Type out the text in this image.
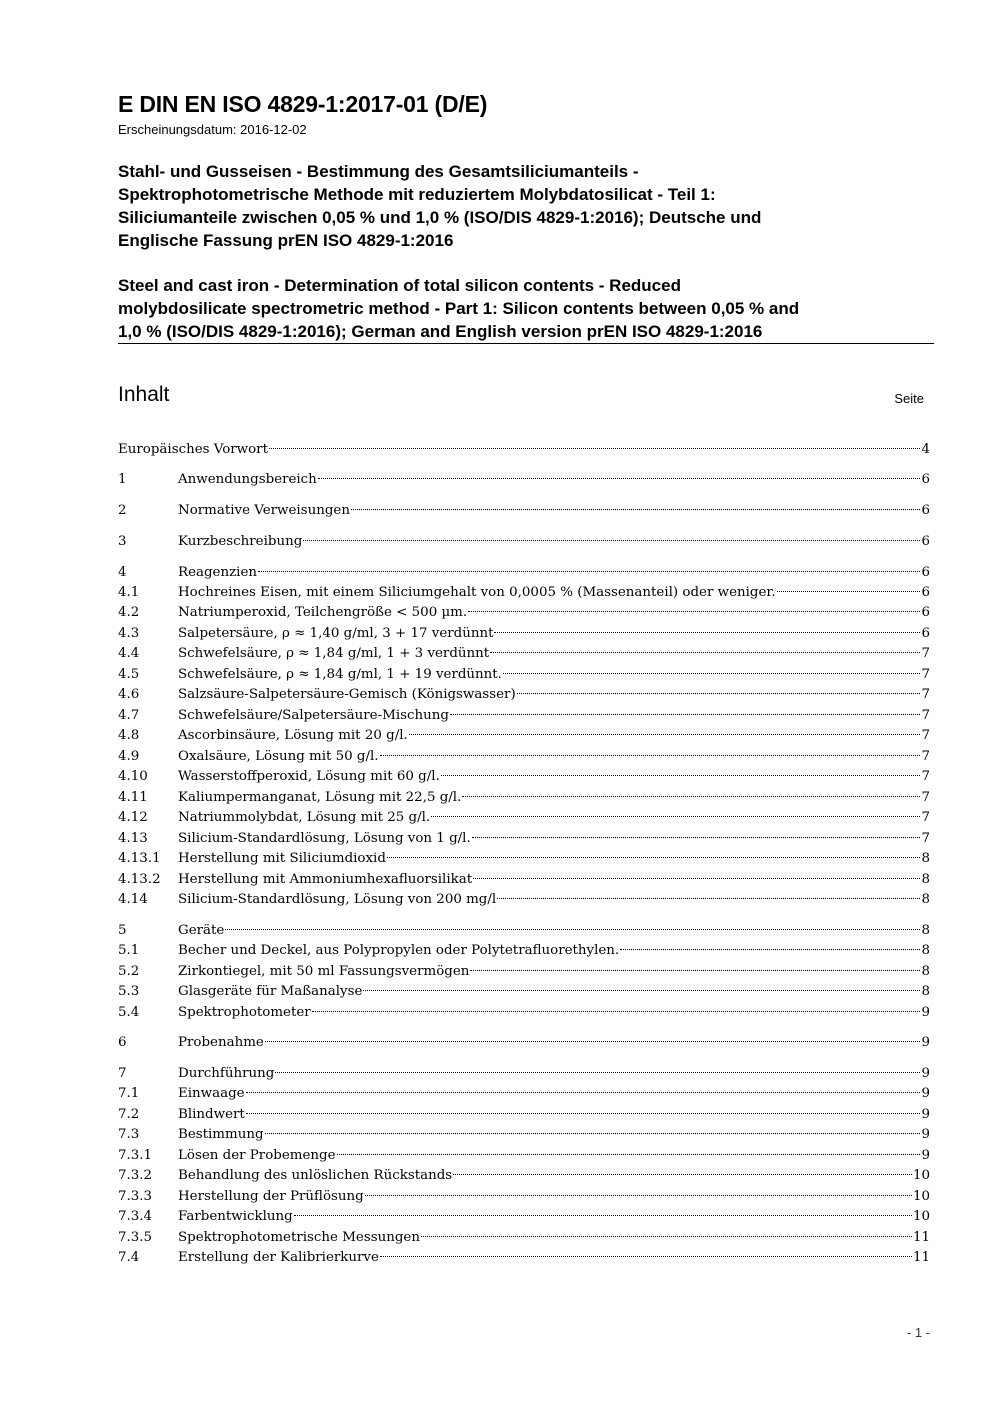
E DIN EN ISO 4829-1:2017-01 (D/E)
Erscheinungsdatum: 2016-12-02
Stahl- und Gusseisen - Bestimmung des Gesamtsiliciumanteils -
Spektrophotometrische Methode mit reduziertem Molybdatosilicat - Teil 1:
Siliciumanteile zwischen 0,05 % und 1,0 % (ISO/DIS 4829-1:2016); Deutsche und
Englische Fassung prEN ISO 4829-1:2016
Steel and cast iron - Determination of total silicon contents - Reduced
molybdosilicate spectrometric method - Part 1: Silicon contents between 0,05 % and
1,0 % (ISO/DIS 4829-1:2016); German and English version prEN ISO 4829-1:2016
Inhalt	Seite
Europäisches Vorwort	4
1	Anwendungsbereich	6
2	Normative Verweisungen	6
3	Kurzbeschreibung	6
4	Reagenzien	6
4.1	Hochreines Eisen, mit einem Siliciumgehalt von 0,0005 % (Massenanteil) oder weniger.	6
4.2	Natriumperoxid, Teilchengröße < 500 µm.	6
4.3	Salpetersäure, ρ ≈ 1,40 g/ml, 3 + 17 verdünnt	6
4.4	Schwefelsäure, ρ ≈ 1,84 g/ml, 1 + 3 verdünnt	7
4.5	Schwefelsäure, ρ ≈ 1,84 g/ml, 1 + 19 verdünnt.	7
4.6	Salzsäure-Salpetersäure-Gemisch (Königswasser)	7
4.7	Schwefelsäure/Salpetersäure-Mischung	7
4.8	Ascorbinsäure, Lösung mit 20 g/l.	7
4.9	Oxalsäure, Lösung mit 50 g/l.	7
4.10	Wasserstoffperoxid, Lösung mit 60 g/l.	7
4.11	Kaliumpermanganat, Lösung mit 22,5 g/l.	7
4.12	Natriummolybdat, Lösung mit 25 g/l.	7
4.13	Silicium-Standardlösung, Lösung von 1 g/l.	7
4.13.1	Herstellung mit Siliciumdioxid	8
4.13.2	Herstellung mit Ammoniumhexafluorsilikat	8
4.14	Silicium-Standardlösung, Lösung von 200 mg/l	8
5	Geräte	8
5.1	Becher und Deckel, aus Polypropylen oder Polytetrafluorethylen.	8
5.2	Zirkontiegel, mit 50 ml Fassungsvermögen	8
5.3	Glasgeräte für Maßanalyse	8
5.4	Spektrophotometer	9
6	Probenahme	9
7	Durchführung	9
7.1	Einwaage	9
7.2	Blindwert	9
7.3	Bestimmung	9
7.3.1	Lösen der Probemenge	9
7.3.2	Behandlung des unlöslichen Rückstands	10
7.3.3	Herstellung der Prüflösung	10
7.3.4	Farbentwicklung	10
7.3.5	Spektrophotometrische Messungen	11
7.4	Erstellung der Kalibrierkurve	11
- 1 -
